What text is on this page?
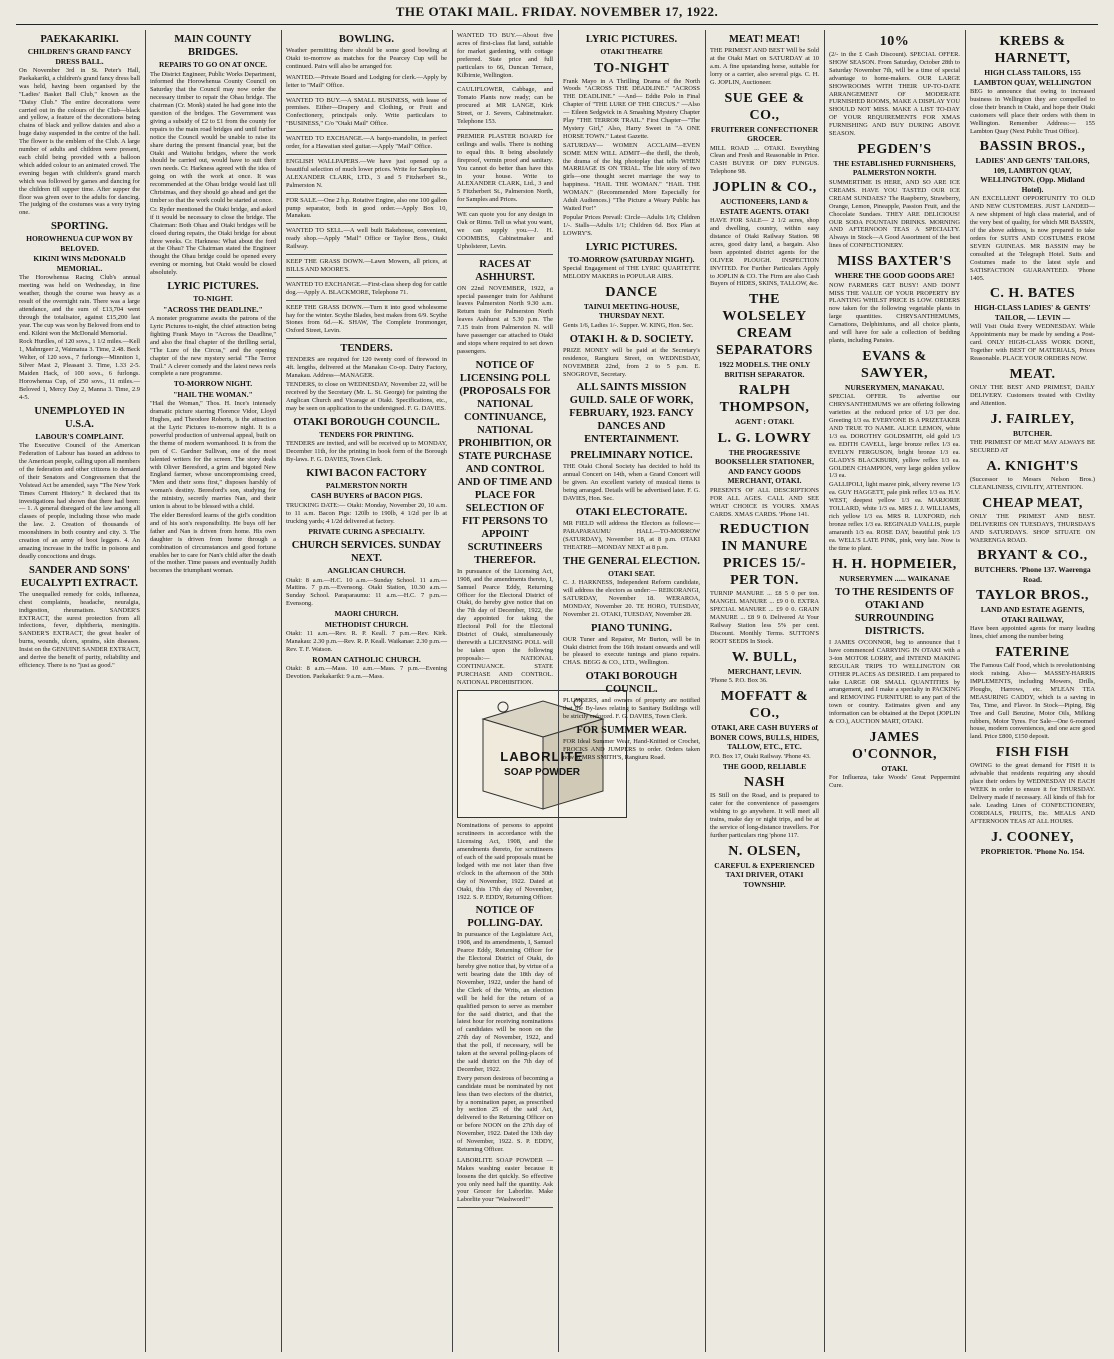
THE OTAKI MAIL. FRIDAY. NOVEMBER 17, 1922.
PAEKAKARIKI.
CHILDREN'S GRAND FANCY DRESS BALL.
On November 3rd in St. Peter's Hall, Paekakariki, a children's grand fancy dress ball was held, having been organised by the "Ladies' Basket Ball Club," known as the "Daisy Club." The entire decorations were carried out in the colours of the Club—black and yellow, a feature of the decorations being chains of black and yellow daisies and also a huge daisy suspended in the centre of the hall. The flower is the emblem of the Club. A large number of adults and children were present, each child being provided with a balloon which added colour to an animated crowd. The evening began with children's grand march which was followed by games and dancing for the children till supper time. After supper the floor was given over to the adults for dancing. The judging of the costumes was a very trying one.
SPORTING.
HOROWHENUA CUP WON BY BELOVED.
KIKINI WINS McDONALD MEMORIAL.
The Horowhenua Racing Club's annual meeting was held on Wednesday, in fine weather, though the course was heavy as a result of the overnight rain. There was a large attendance, and the sum of £13,704 went through the totalisator, against £15,200 last year. The cup was won by Beloved from end to end. Kikini won the McDonald Memorial.
Rock Hurdles, of 120 sovs., 1 1/2 miles.—Kell 1, Mahnrgeer 2, Waimatua 3. Time, 2.48. Beck Welter, of 120 sovs., 7 furlongs—Minniton 1, Silver Mast 2, Pleasant 3. Time, 1.33 2-5. Maiden Hack, of 100 sovs., 6 furlongs. Horowhenua Cup, of 250 sovs., 11 miles.—Beloved 1, Mercy Day 2, Manna 3. Time, 2.9 4-5.
UNEMPLOYED IN U.S.A.
LABOUR'S COMPLAINT.
The Executive Council of the American Federation of Labour has issued an address to the American people, calling upon all members of the federation and other citizens to demand of their Senators and Congressmen that the Volstead Act be amended, says "The New York Times Current History." It declared that its investigations had shown that there had been:— 1. A general disregard of the law among all classes of people, including those who made the law. 2. Creation of thousands of moonshiners in both country and city. 3. The creation of an army of boot leggers. 4. An amazing increase in the traffic in poisons and deadly concoctions and drugs.
SANDER AND SONS' EUCALYPTI EXTRACT.
The unequalled remedy for colds, influenza, chest complaints, headache, neuralgia, indigestion, rheumatism. SANDER'S EXTRACT, the surest protection from all infections, fever, diphtheria, meningitis. SANDER'S EXTRACT, the great healer of burns, wounds, ulcers, sprains, skin diseases. Insist on the GENUINE SANDER EXTRACT, and derive the benefit of purity, reliability and efficiency. There is no "just as good."
MAIN COUNTY BRIDGES.
REPAIRS TO GO ON AT ONCE.
The District Engineer, Public Works Department, informed the Horowhenua County Council on Saturday that the Council may now order the necessary timber to repair the Ohau bridge. The chairman (Cr. Monk) stated he had gone into the question of the bridges. The Government was giving a subsidy of £2 to £1 from the county for repairs to the main road bridges and until further notice the Council would be unable to raise its share during the present financial year, but the Otaki and Waitohu bridges, where the work should be carried out, would have to suit their own needs. Cr. Harkness agreed with the idea of going on with the work at once. It was recommended at the Ohau bridge would last till Christmas, and they should go ahead and get the timber so that the work could be started at once.
Cr. Ryder mentioned the Otaki bridge, and asked if it would be necessary to close the bridge. The Chairman: Both Ohau and Otaki bridges will be closed during repairs, the Otaki bridge for about three weeks. Cr. Harkness: What about the ford at the Ohau? The Chairman stated the Engineer thought the Ohau bridge could be opened every evening or morning, but Otaki would be closed absolutely.
LYRIC PICTURES.
TO-NIGHT.
"ACROSS THE DEADLINE."
A monster programme awaits the patrons of the Lyric Pictures to-night, the chief attraction being fighting Frank Mayo in "Across the Deadline," and also the final chapter of the thrilling serial, "The Lure of the Circus," and the opening chapter of the new mystery serial "The Terror Trail." A clever comedy and the latest news reels complete a rare programme.
TO-MORROW NIGHT.
"HAIL THE WOMAN."
"Hail the Woman," Thos. H. Ince's intensely dramatic picture starring Florence Vidor, Lloyd Hughes, and Theodore Roberts, is the attraction at the Lyric Pictures to-morrow night. It is a powerful production of universal appeal, built on the theme of modern womanhood. It is from the pen of C. Gardner Sullivan, one of the most talented writers for the screen. The story deals with Oliver Beresford, a grim and bigoted New England farmer, whose uncompromising creed, "Men and their sons first," disposes harshly of woman's destiny. Beresford's son, studying for the ministry, secretly marries Nan, and their union is about to be blessed with a child.
The elder Beresford learns of the girl's condition and of his son's responsibility. He buys off her father and Nan is driven from home. His own daughter is driven from home through a combination of circumstances and good fortune enables her to care for Nan's child after the death of the mother. Time passes and eventually Judith becomes the triumphant woman.
BOWLING.
Weather permitting there should be some good bowling at Otaki to-morrow as matches for the Pearcey Cup will be continued. Pairs will also be arranged for.
WANTED.—Private Board and Lodging for clerk.—Apply by letter to "Mail" Office.
WANTED TO BUY.—A SMALL BUSINESS, with lease of premises. Either—Drapery and Clothing, or Fruit and Confectionery, principals only. Write particulars to "BUSINESS," C/o "Otaki Mail" Office.
WANTED TO EXCHANGE.—A banjo-mandolin, in perfect order, for a Hawaiian steel guitar.—Apply "Mail" Office.
ENGLISH WALLPAPERS.—We have just opened up a beautiful selection of much lower prices. Write for Samples to ALEXANDER CLARK, LTD., 3 and 5 Fitzherbert St., Palmerston N.
FOR SALE.—One 2 h.p. Rotative Engine, also one 100 gallon pump separator, both in good order.—Apply Box 10, Manakau.
WANTED TO SELL.—A well built Bakehouse, convenient, ready shop.—Apply "Mail" Office or Taylor Bros., Otaki Railway.
KEEP THE GRASS DOWN.—Lawn Mowers, all prices, at BILLS AND MOORE'S.
WANTED TO EXCHANGE.—First-class sheep dog for cattle dog.—Apply A. BLACKMORE, Telephone 71.
KEEP THE GRASS DOWN.—Turn it into good wholesome hay for the winter. Scythe Blades, best makes from 6/9. Scythe Stones from 6d.—K. SHAW, The Complete Ironmonger, Oxford Street, Levin.
TENDERS.
TENDERS are required for 120 twenty cord of firewood in 4ft. lengths, delivered at the Manakau Co-op. Dairy Factory, Manakau. Address—MANAGER.
TENDERS, to close on WEDNESDAY, November 22, will be received by the Secretary (Mr. L. St. George) for painting the Anglican Church and Vicarage at Otaki. Specifications, etc., may be seen on application to the undersigned. F. G. DAVIES.
OTAKI BOROUGH COUNCIL.
TENDERS FOR PRINTING.
TENDERS are invited, and will be received up to MONDAY, December 11th, for the printing in book form of the Borough By-laws. F. G. DAVIES, Town Clerk.
KIWI BACON FACTORY
PALMERSTON NORTH
CASH BUYERS of BACON PIGS.
TRUCKING DATE:— Otaki: Monday, November 20, 10 a.m. to 11 a.m. Bacon Pigs: 120lb to 190lb, 4 1/2d per lb at trucking yards; 4 1/2d delivered at factory.
PRIVATE CURING A SPECIALTY.
CHURCH SERVICES. SUNDAY NEXT.
ANGLICAN CHURCH.
Otaki: 8 a.m.—H.C. 10 a.m.—Sunday School. 11 a.m.—Mattins. 7 p.m.—Evensong. Otaki Station, 10.30 a.m.—Sunday School. Paraparaumu: 11 a.m.—H.C. 7 p.m.—Evensong.
MAORI CHURCH.
METHODIST CHURCH.
Otaki: 11 a.m.—Rev. R. P. Keall. 7 p.m.—Rev. Kirk. Manakau: 2.30 p.m.—Rev. R. P. Keall. Waikanae: 2.30 p.m.—Rev. T. F. Watson.
ROMAN CATHOLIC CHURCH.
Otaki: 8 a.m.—Mass. 10 a.m.—Mass. 7 p.m.—Evening Devotion. Paekakariki: 9 a.m.—Mass.
WANTED TO BUY.—About five acres of first-class flat land, suitable for market gardening, with cottage preferred. State price and full particulars to 66, Duncan Terrace, Kilbirnie, Wellington.
CAULIFLOWER, Cabbage, and Tomato Plants now ready; can be procured at MR LANGE, Kirk Street, or J. Severs, Cabinetmaker. Telephone 153.
PREMIER PLASTER BOARD for ceilings and walls. There is nothing to equal this. It being absolutely fireproof, vermin proof and sanitary. You cannot do better than have this in your house. Write to ALEXANDER CLARK, Ltd., 3 and 5 Fitzherbert St., Palmerston North, for Samples and Prices.
WE can quote you for any design in Oak or Rimu. Tell us what you want, we can supply you.—J. H. COOMBES, Cabinetmaker and Upholsterer, Levin.
RACES AT ASHHURST.
ON 22nd NOVEMBER, 1922, a special passenger train for Ashhurst leaves Palmerston North 9.30 a.m. Return train for Palmerston North leaves Ashhurst at 5.30 p.m. The 7.15 train from Palmerston N. will have passenger car attached to Otaki and stops where required to set down passengers.
NOTICE OF LICENSING POLL (PROPOSALS FOR NATIONAL CONTINUANCE, NATIONAL PROHIBITION, OR STATE PURCHASE AND CONTROL AND OF TIME AND PLACE FOR SELECTION OF FIT PERSONS TO APPOINT SCRUTINEERS THEREFOR.
In pursuance of the Licensing Act, 1908, and the amendments thereto, I, Samuel Pearce Eddy, Returning Officer for the Electoral District of Otaki, do hereby give notice that on the 7th day of December, 1922, the day appointed for taking the Electoral Poll for the Electoral District of Otaki, simultaneously therewith a LICENSING POLL will be taken upon the following proposals:— NATIONAL CONTINUANCE. STATE PURCHASE AND CONTROL. NATIONAL PROHIBITION.
LABORLITE
SOAP POWDER
Nominations of persons to appoint scrutineers in accordance with the Licensing Act, 1908, and the amendments thereto, for scrutineers of each of the said proposals must be lodged with me not later than five o'clock in the afternoon of the 30th day of November, 1922. Dated at Otaki, this 17th day of November, 1922. S. P. EDDY, Returning Officer.
NOTICE OF POLLING-DAY.
In pursuance of the Legislature Act, 1908, and its amendments, I, Samuel Pearce Eddy, Returning Officer for the Electoral District of Otaki, do hereby give notice that, by virtue of a writ bearing date the 18th day of November, 1922, under the hand of the Clerk of the Writs, an election will be held for the return of a qualified person to serve as member for the said district, and that the latest hour for receiving nominations of candidates will be noon on the 27th day of November, 1922, and that the poll, if necessary, will be taken at the several polling-places of the said district on the 7th day of December, 1922.
Every person desirous of becoming a candidate must be nominated by not less than two electors of the district, by a nomination paper, as prescribed by section 25 of the said Act, delivered to the Returning Officer on or before NOON on the 27th day of November, 1922. Dated the 13th day of November, 1922. S. P. EDDY, Returning Officer.
LABORLITE SOAP POWDER — Makes washing easier because it loosens the dirt quickly. So effective you only need half the quantity. Ask your Grocer for Laborlite. Make Laborlite your "Washword!"
LYRIC PICTURES.
OTAKI THEATRE
TO-NIGHT
Frank Mayo in A Thrilling Drama of the North Woods "ACROSS THE DEADLINE." "ACROSS THE DEADLINE." —And— Eddie Polo in Final Chapter of "THE LURE OF THE CIRCUS." —Also— Eileen Sedgwick in A Smashing Mystery Chapter Play "THE TERROR TRAIL." First Chapter—"The Mystery Girl," Also, Harry Sweet in "A ONE HORSE TOWN." Latest Gazette.
SATURDAY— WOMEN ACCLAIM—EVEN SOME MEN WILL ADMIT—the thrill, the throb, the drama of the big photoplay that tells WHEN MARRIAGE IS ON TRIAL. The life story of two girls—one thought secret marriage the way to happiness. "HAIL THE WOMAN." "HAIL THE WOMAN." (Recommended More Especially for Adult Audiences.) "The Picture a Weary Public has Waited For!"
Popular Prices Prevail: Circle—Adults 1/6; Children 1/-. Stalls—Adults 1/1; Children 6d. Box Plan at LOWRY'S.
LYRIC PICTURES.
TO-MORROW (SATURDAY NIGHT).
Special Engagement of THE LYRIC QUARTETTE MELODY MAKERS in POPULAR AIRS.
DANCE
TAINUI MEETING-HOUSE, THURSDAY NEXT.
Gents 1/6, Ladies 1/-. Supper. W. KING, Hon. Sec.
OTAKI H. & D. SOCIETY.
PRIZE MONEY will be paid at the Secretary's residence, Rangiuru Street, on WEDNESDAY, NOVEMBER 22nd, from 2 to 5 p.m. E. SNOGROVE, Secretary.
ALL SAINTS MISSION GUILD. SALE OF WORK, FEBRUARY, 1923. FANCY DANCES AND ENTERTAINMENT.
PRELIMINARY NOTICE.
THE Otaki Choral Society has decided to hold its annual Concert on 14th, when a Grand Concert will be given. An excellent variety of musical items is being arranged. Details will be advertised later. F. G. DAVIES, Hon. Sec.
OTAKI ELECTORATE.
MR FIELD will address the Electors as follows:— PARAPARAUMU HALL—TO-MORROW (SATURDAY), November 18, at 8 p.m. OTAKI THEATRE—MONDAY NEXT at 8 p.m.
THE GENERAL ELECTION.
OTAKI SEAT.
C. J. HARKNESS, Independent Reform candidate, will address the electors as under:— REIKORANGI, SATURDAY, November 18. WERAROA, MONDAY, November 20. TE HORO, TUESDAY, November 21. OTAKI, TUESDAY, November 28.
PIANO TUNING.
OUR Tuner and Repairer, Mr Burton, will be in Otaki district from the 16th instant onwards and will be pleased to execute tunings and piano repairs. CHAS. BEGG & CO., LTD., Wellington.
OTAKI BOROUGH COUNCIL.
PLUMBERS, and owners of property are notified that the By-laws relating to Sanitary Buildings will be strictly enforced. F. G. DAVIES, Town Clerk.
FOR SUMMER WEAR.
FOR Ideal Summer Wear, Hand-Knitted or Crochet, FROCKS AND JUMPERS to order. Orders taken now at MRS SMITH'S, Rangiuru Road.
MEAT! MEAT!
THE PRIMEST AND BEST Will be Sold at the Otaki Mart on SATURDAY at 10 a.m. A fine upstanding horse, suitable for lorry or a carrier, also several pigs. C. H. G. JOPLIN, Auctioneer.
SUE GEE & CO.,
FRUITERER CONFECTIONER GROCER.
MILL ROAD ... OTAKI. Everything Clean and Fresh and Reasonable in Price. CASH BUYER OF DRY FUNGUS. Telephone 98.
JOPLIN & CO.,
AUCTIONEERS, LAND & ESTATE AGENTS. OTAKI
HAVE FOR SALE— 2 1/2 acres, shop and dwelling, country, within easy distance of Otaki Railway Station. 98 acres, good dairy land, a bargain. Also been appointed district agents for the OLIVER PLOUGH. INSPECTION INVITED. For Further Particulars Apply to JOPLIN & CO. The Firm are also Cash Buyers of HIDES, SKINS, TALLOW, &c.
THE WOLSELEY CREAM SEPARATORS
1922 MODELS. THE ONLY BRITISH SEPARATOR.
RALPH THOMPSON,
AGENT : OTAKI.
L. G. LOWRY
THE PROGRESSIVE BOOKSELLER STATIONER, AND FANCY GOODS MERCHANT, OTAKI.
PRESENTS OF ALL DESCRIPTIONS FOR ALL AGES. CALL AND SEE WHAT CHOICE IS YOURS. XMAS CARDS. XMAS CARDS. 'Phone 141.
REDUCTION IN MANURE PRICES 15/- PER TON.
TURNIP MANURE ... £8 5 0 per ton. MANGEL MANURE ... £9 0 0. EXTRA SPECIAL MANURE ... £9 0 0. GRAIN MANURE ... £8 9 0. Delivered At Your Railway Station less 5% per cent. Discount. Monthly Terms. SUTTON'S ROOT SEEDS In Stock.
W. BULL,
MERCHANT, LEVIN.
'Phone 5. P.O. Box 36.
MOFFATT & CO.,
OTAKI, ARE CASH BUYERS of BONER COWS, BULLS, HIDES, TALLOW, ETC., ETC.
P.O. Box 17, Otaki Railway. 'Phone 43.
THE GOOD, RELIABLE
NASH
IS Still on the Road, and is prepared to cater for the convenience of passengers wishing to go anywhere. It will meet all trains, make day or night trips, and be at the service of long-distance travellers. For further particulars ring 'phone 117.
N. OLSEN,
CAREFUL & EXPERIENCED TAXI DRIVER, OTAKI TOWNSHIP.
10%
(2/- in the £ Cash Discount). SPECIAL OFFER. SHOW SEASON. From Saturday, October 28th to Saturday November 7th, will be a time of special advantage to home-makers. OUR LARGE SHOWROOMS WITH THEIR UP-TO-DATE ARRANGEMENT OF MODERATE FURNISHED ROOMS, MAKE A DISPLAY YOU SHOULD NOT MISS. MAKE A LIST TO-DAY OF YOUR REQUIREMENTS FOR XMAS FURNISHING AND BUY DURING ABOVE SEASON.
PEGDEN'S
THE ESTABLISHED FURNISHERS, PALMERSTON NORTH.
SUMMERTIME IS HERE, AND SO ARE ICE CREAMS. HAVE YOU TASTED OUR ICE CREAM SUNDAES? The Raspberry, Strawberry, Orange, Lemon, Pineapple, Passion Fruit, and the Chocolate Sundaes. THEY ARE DELICIOUS! OUR SODA FOUNTAIN DRINKS. MORNING AND AFTERNOON TEAS A SPECIALTY. Always in Stock—A Good Assortment of the best lines of CONFECTIONERY.
MISS BAXTER'S
WHERE THE GOOD GOODS ARE!
NOW FARMERS GET BUSY! AND DON'T MISS THE VALUE OF YOUR PROPERTY BY PLANTING WHILST PRICE IS LOW. ORDERS now taken for the following vegetable plants in large quantities. CHRYSANTHEMUMS, Carnations, Delphiniums, and all choice plants, and will have for sale a collection of bedding plants, including Pansies.
EVANS & SAWYER,
NURSERYMEN, MANAKAU.
SPECIAL OFFER. To advertise our CHRYSANTHEMUMS we are offering following varieties at the reduced price of 1/3 per doz. Greeting 1/3 ea. EVERYONE IS A PRIZETAKER AND TRUE TO NAME. ALICE LEMON, white 1/3 ea. DOROTHY GOLDSMITH, old gold 1/3 ea. EDITH CAVELL, large bronze reflex 1/3 ea. EVELYN FERGUSON, bright bronze 1/3 ea. GLADYS BLACKBURN, yellow reflex 1/3 ea. GOLDEN CHAMPION, very large golden yellow 1/3 ea.
GALLIPOLI, light mauve pink, silvery reverse 1/3 ea. GUY HAGGETT, pale pink reflex 1/3 ea. H.V. WEST, deepest yellow 1/3 ea. MARJORIE TOLLARD, white 1/3 ea. MRS J. J. WILLIAMS, rich yellow 1/3 ea. MRS R. LUXFORD, rich bronze reflex 1/3 ea. REGINALD VALLIS, purple amaranth 1/3 ea. ROSE DAY, beautiful pink 1/3 ea. WELL'S LATE PINK, pink, very late. Now is the time to plant.
H. H. HOPMEIER,
NURSERYMEN ...... WAIKANAE
TO THE RESIDENTS OF OTAKI AND SURROUNDING DISTRICTS.
I JAMES O'CONNOR, beg to announce that I have commenced CARRYING IN OTAKI with a 3-ton MOTOR LORRY, and INTEND MAKING REGULAR TRIPS TO WELLINGTON OR OTHER PLACES AS DESIRED. I am prepared to take LARGE OR SMALL QUANTITIES by arrangement, and I make a specialty in PACKING and REMOVING FURNITURE to any part of the town or country. Estimates given and any information can be obtained at the Depot (JOPLIN & CO.), AUCTION MART, OTAKI.
JAMES O'CONNOR,
OTAKI.
For Influenza, take Woods' Great Peppermint Cure.
KREBS & HARNETT,
HIGH CLASS TAILORS, 155 LAMBTON QUAY, WELLINGTON
BEG to announce that owing to increased business in Wellington they are compelled to close their branch in Otaki, and hope their Otaki customers will place their orders with them in Wellington. Remember Address:— 155 Lambton Quay (Next Public Trust Office).
BASSIN BROS.,
LADIES' AND GENTS' TAILORS, 109, LAMBTON QUAY, WELLINGTON. (Opp. Midland Hotel).
AN EXCELLENT OPPORTUNITY TO OLD AND NEW CUSTOMERS. JUST LANDED—A new shipment of high class material, and of the very best of quality, for which MR BASSIN, of the above address, is now prepared to take orders for SUITS AND COSTUMES FROM SEVEN GUINEAS. MR BASSIN may be consulted at the Telegraph Hotel. Suits and Costumes made to the latest style and SATISFACTION GUARANTEED. 'Phone 1405.
C. H. BATES
HIGH-CLASS LADIES' & GENTS' TAILOR, — LEVIN —
Will Visit Otaki Every WEDNESDAY. While Appointments may be made by sending a Post-card. ONLY HIGH-CLASS WORK DONE, Together with BEST OF MATERIALS, Prices Reasonable. PLACE YOUR ORDERS NOW.
MEAT.
ONLY THE BEST AND PRIMEST, DAILY DELIVERY. Customers treated with Civility and Attention.
J. FAIRLEY,
BUTCHER.
THE PRIMEST OF MEAT MAY ALWAYS BE SECURED AT
A. KNIGHT'S
(Successor to Messrs Nelson Bros.) CLEANLINESS, CIVILITY, ATTENTION.
CHEAP MEAT,
ONLY THE PRIMEST AND BEST. DELIVERIES ON TUESDAYS, THURSDAYS AND SATURDAYS. SHOP SITUATE ON WAERENGA ROAD.
BRYANT & CO.,
BUTCHERS. 'Phone 137. Waerenga Road.
TAYLOR BROS.,
LAND AND ESTATE AGENTS, OTAKI RAILWAY,
Have been appointed agents for many leading lines, chief among the number being
FATERINE
The Famous Calf Food, which is revolutionising stock raising. Also— MASSEY-HARRIS IMPLEMENTS, including Mowers, Drills, Ploughs, Harrows, etc. M'LEAN TEA MEASURING CADDY, which is a saving in Tea, Time, and Flavor. In Stock—Piping, Big Tree and Gull Benzine, Motor Oils, Milking rubbers, Motor Tyres. For Sale—One 6-roomed house, modern conveniences, and one acre good land. Price £800, £150 deposit.
FISH FISH
OWING to the great demand for FISH it is advisable that residents requiring any should place their orders by WEDNESDAY IN EACH WEEK in order to ensure it for THURSDAY. Delivery made if necessary. All kinds of fish for sale. Leading Lines of CONFECTIONERY, CORDIALS, FRUITS, Etc. MEALS AND AFTERNOON TEAS AT ALL HOURS.
J. COONEY,
PROPRIETOR. 'Phone No. 154.
